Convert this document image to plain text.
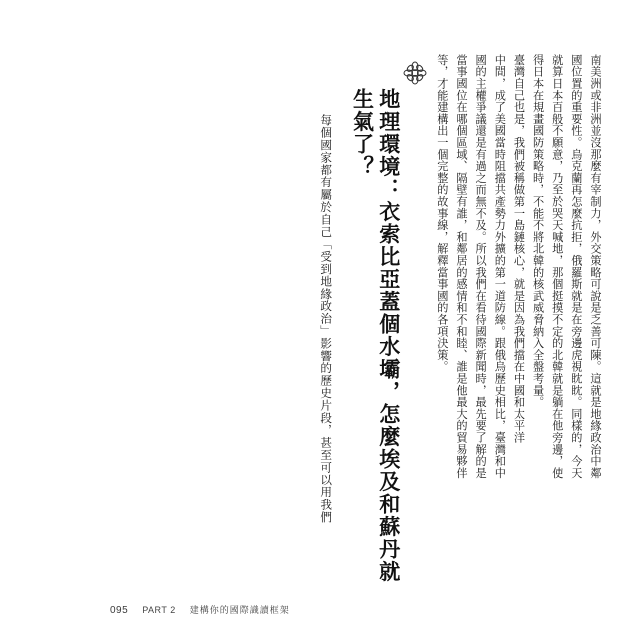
南美洲或非洲並沒那麼有宰制力，外交策略可說是乏善可陳。這就是地緣政治中鄰
國位置的重要性。烏克蘭再怎麼抗拒，俄羅斯就是在旁邊虎視眈眈。同樣的，今天
就算日本百般不願意，乃至於哭天喊地，那個挺摸不定的北韓就是躺在他旁邊，使
得日本在規畫國防策略時，不能不將北韓的核武威脅納入全盤考量。
臺灣自己也是，我們被稱做第一島鏈核心，就是因為我們擋在中國和太平洋
中間，成了美國當時阻擋共產勢力外擴的第一道防線。跟俄烏歷史相比，臺灣和中
國的主權爭議還是有過之而無不及。所以我們在看待國際新聞時，最先要了解的是
當事國位在哪個區域、隔壁有誰，和鄰居的感情和不和睦、誰是他最大的貿易夥伴
等，才能建構出一個完整的故事線，解釋當事國的各項決策。
地理環境：衣索比亞蓋個水壩，怎麼埃及和蘇丹就生氣了？
每個國家都有屬於自己「受到地緣政治」影響的歷史片段，甚至可以用我們
095 PART 2 建構你的國際識讀框架
